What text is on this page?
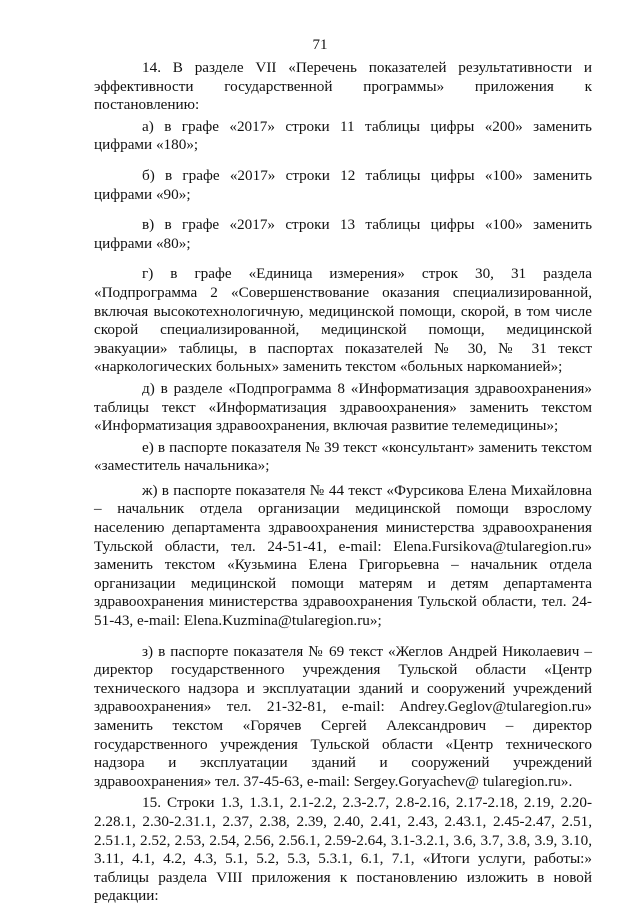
71

14. В разделе VII «Перечень показателей результативности и эффективности государственной программы» приложения к постановлению:

а) в графе «2017» строки 11 таблицы цифры «200» заменить цифрами «180»;

б) в графе «2017» строки 12 таблицы цифры «100» заменить цифрами «90»;

в) в графе «2017» строки 13 таблицы цифры «100» заменить цифрами «80»;

г) в графе «Единица измерения» строк 30, 31 раздела «Подпрограмма 2 «Совершенствование оказания специализированной, включая высокотехнологичную, медицинской помощи, скорой, в том числе скорой специализированной, медицинской помощи, медицинской эвакуации» таблицы, в паспортах показателей № 30, № 31 текст «наркологических больных» заменить текстом «больных наркоманией»;

д) в разделе «Подпрограмма 8 «Информатизация здравоохранения» таблицы текст «Информатизация здравоохранения» заменить текстом «Информатизация здравоохранения, включая развитие телемедицины»;

е) в паспорте показателя № 39 текст «консультант» заменить текстом «заместитель начальника»;

ж) в паспорте показателя № 44 текст «Фурсикова Елена Михайловна – начальник отдела организации медицинской помощи взрослому населению департамента здравоохранения министерства здравоохранения Тульской области, тел. 24-51-41, e-mail: Elena.Fursikova@tularegion.ru» заменить текстом «Кузьмина Елена Григорьевна – начальник отдела организации медицинской помощи матерям и детям департамента здравоохранения министерства здравоохранения Тульской области, тел. 24-51-43, e-mail: Elena.Kuzmina@tularegion.ru»;

з) в паспорте показателя № 69 текст «Жеглов Андрей Николаевич – директор государственного учреждения Тульской области «Центр технического надзора и эксплуатации зданий и сооружений учреждений здравоохранения» тел. 21-32-81, e-mail: Andrey.Geglov@tularegion.ru» заменить текстом «Горячев Сергей Александрович – директор государственного учреждения Тульской области «Центр технического надзора и эксплуатации зданий и сооружений учреждений здравоохранения» тел. 37-45-63, e-mail: Sergey.Goryachev@ tularegion.ru».

15. Строки 1.3, 1.3.1, 2.1-2.2, 2.3-2.7, 2.8-2.16, 2.17-2.18, 2.19, 2.20-2.28.1, 2.30-2.31.1, 2.37, 2.38, 2.39, 2.40, 2.41, 2.43, 2.43.1, 2.45-2.47, 2.51, 2.51.1, 2.52, 2.53, 2.54, 2.56, 2.56.1, 2.59-2.64, 3.1-3.2.1, 3.6, 3.7, 3.8, 3.9, 3.10, 3.11, 4.1, 4.2, 4.3, 5.1, 5.2, 5.3, 5.3.1, 6.1, 7.1, «Итоги услуги, работы:» таблицы раздела VIII приложения к постановлению изложить в новой редакции:
